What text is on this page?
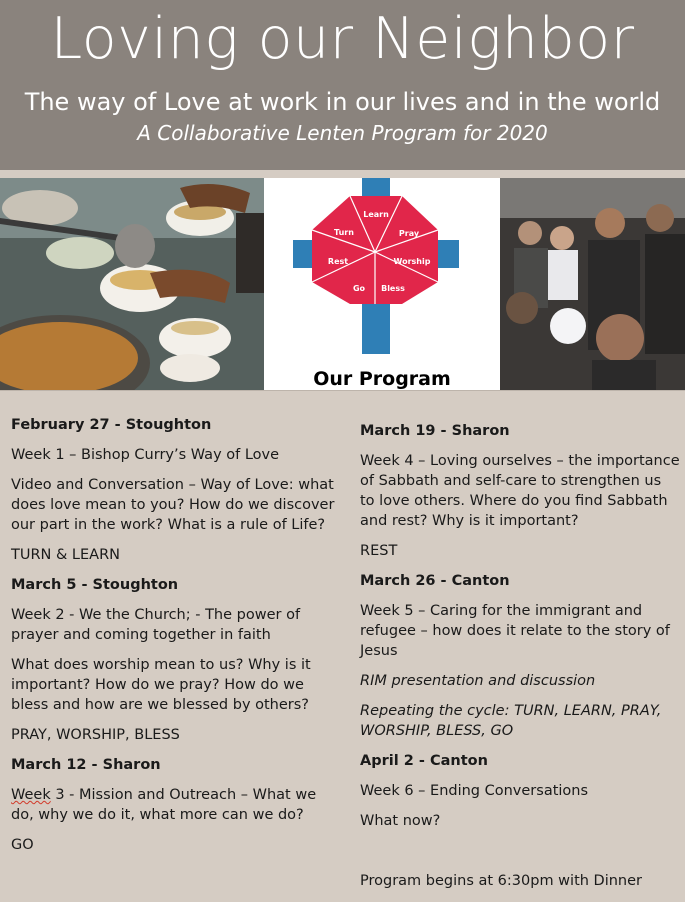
Loving our Neighbor
The way of Love at work in our lives and in the world
A Collaborative Lenten Program for 2020
Learn
Pray
Worship
Bless
Go
Rest
Turn
Our Program
February 27 - Stoughton
Week 1 – Bishop Curry’s Way of Love
Video and Conversation – Way of Love: what does love mean to you? How do we discover our part in the work? What is a rule of Life?
TURN & LEARN
March 5 - Stoughton
Week 2 - We the Church; - The power of prayer and coming together in faith
What does worship mean to us? Why is it important? How do we pray? How do we bless and how are we blessed by others?
PRAY, WORSHIP, BLESS
March 12 - Sharon
Week 3 - Mission and Outreach – What we do, why we do it, what more can we do?
GO
March 19 - Sharon
Week 4 – Loving ourselves – the importance of Sabbath and self-care to strengthen us to love others. Where do you find Sabbath and rest? Why is it important?
REST
March 26 - Canton
Week 5 – Caring for the immigrant and refugee – how does it relate to the story of Jesus
RIM presentation and discussion
Repeating the cycle: TURN, LEARN, PRAY, WORSHIP, BLESS, GO
April 2 - Canton
Week 6 – Ending Conversations
What now?
Program begins at 6:30pm with Dinner
